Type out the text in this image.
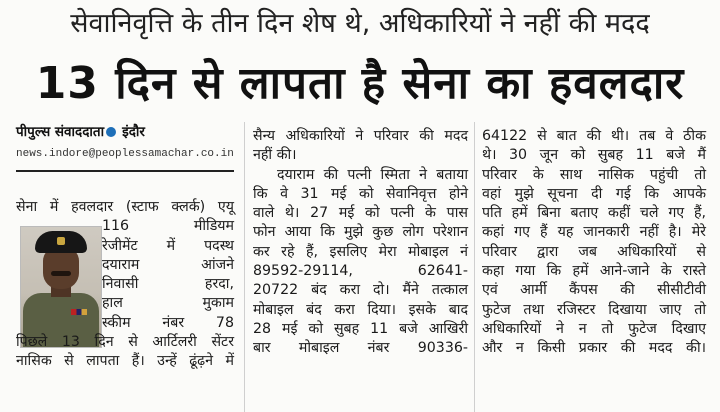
सेवानिवृत्ति के तीन दिन शेष थे, अधिकारियों ने नहीं की मदद
13 दिन से लापता है सेना का हवलदार
पीपुल्स संवाददाता इंदौर
news.indore@peoplessamachar.co.in
सेना में हवलदार (स्टाफ क्लर्क) एयू
116 मीडियम
रेजीमेंट में पदस्थ
दयाराम आंजने
निवासी हरदा,
हाल मुकाम
स्कीम नंबर 78
पिछले 13 दिन से आर्टिलरी सेंटर
नासिक से लापता हैं। उन्हें ढूंढ़ने में
सैन्य अधिकारियों ने परिवार की मदद
नहीं की।
दयाराम की पत्नी स्मिता ने बताया
कि वे 31 मई को सेवानिवृत्त होने
वाले थे। 27 मई को पत्नी के पास
फोन आया कि मुझे कुछ लोग परेशान
कर रहे हैं, इसलिए मेरा मोबाइल नं
89592-29114, 62641-
20722 बंद करा दो। मैंने तत्काल
मोबाइल बंद करा दिया। इसके बाद
28 मई को सुबह 11 बजे आखिरी
बार मोबाइल नंबर 90336-
64122 से बात की थी। तब वे ठीक
थे। 30 जून को सुबह 11 बजे मैं
परिवार के साथ नासिक पहुंची तो
वहां मुझे सूचना दी गई कि आपके
पति हमें बिना बताए कहीं चले गए हैं,
कहां गए हैं यह जानकारी नहीं है। मेरे
परिवार द्वारा जब अधिकारियों से
कहा गया कि हमें आने-जाने के रास्ते
एवं आर्मी कैंपस की सीसीटीवी
फुटेज तथा रजिस्टर दिखाया जाए तो
अधिकारियों ने न तो फुटेज दिखाए
और न किसी प्रकार की मदद की।
